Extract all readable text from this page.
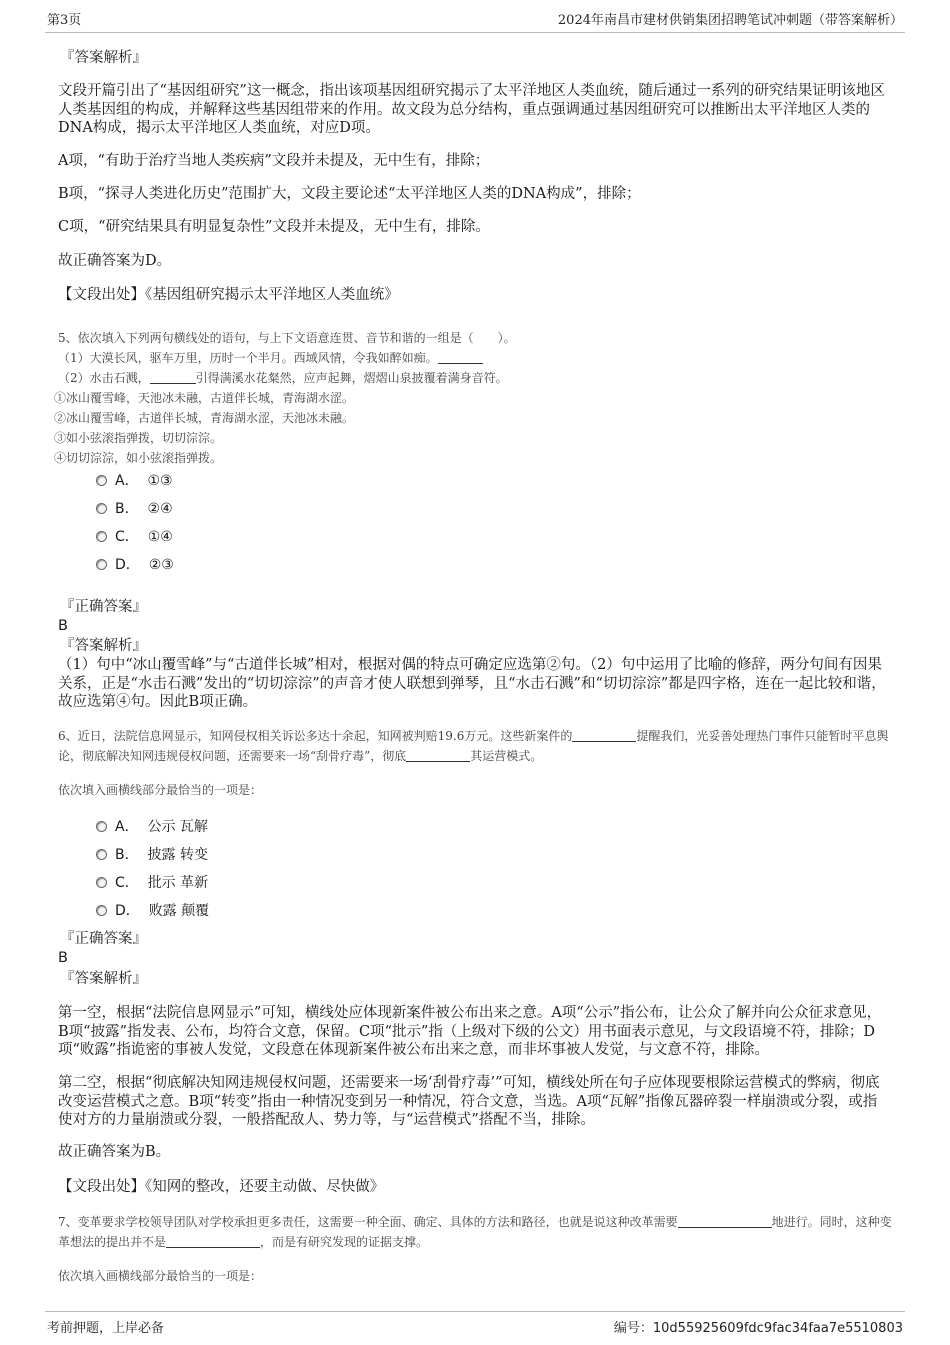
第3页	2024年南昌市建材供销集团招聘笔试冲刺题（带答案解析）

『答案解析』

文段开篇引出了“基因组研究”这一概念，指出该项基因组研究揭示了太平洋地区人类血统，随后通过一系列的研究结果证明该地区人类基因组的构成，并解释这些基因组带来的作用。故文段为总分结构，重点强调通过基因组研究可以推断出太平洋地区人类的DNA构成，揭示太平洋地区人类血统，对应D项。

A项，“有助于治疗当地人类疾病”文段并未提及，无中生有，排除；

B项，“探寻人类进化历史”范围扩大，文段主要论述“太平洋地区人类的DNA构成”，排除；

C项，“研究结果具有明显复杂性”文段并未提及，无中生有，排除。

故正确答案为D。

【文段出处】《基因组研究揭示太平洋地区人类血统》

5、依次填入下列两句横线处的语句，与上下文语意连贯、音节和谐的一组是（　　）。

（1）大漠长风，驱车万里，历时一个半月。西域风情，令我如醉如痴。

（2）水击石溅，	引得满溪水花粲然，应声起舞，熠熠山泉披覆着满身音符。

①冰山覆雪峰，天池冰未融，古道伴长城，青海湖水涩。

②冰山覆雪峰，古道伴长城，青海湖水涩，天池冰未融。

③如小弦滚指弹拨，切切淙淙。

④切切淙淙，如小弦滚指弹拨。

A． ①③
B． ②④
C． ①④
D． ②③

『正确答案』

B

『答案解析』

（1）句中“冰山覆雪峰”与“古道伴长城”相对，根据对偶的特点可确定应选第②句。（2）句中运用了比喻的修辞，两分句间有因果关系，正是“水击石溅”发出的“切切淙淙”的声音才使人联想到弹琴，且“水击石溅”和“切切淙淙”都是四字格，连在一起比较和谐，故应选第④句。因此B项正确。

6、近日，法院信息网显示，知网侵权相关诉讼多达十余起，知网被判赔19.6万元。这些新案件的	提醒我们，光妥善处理热门事件只能暂时平息舆论，彻底解决知网违规侵权问题，还需要来一场“刮骨疗毒”，彻底	其运营模式。

依次填入画横线部分最恰当的一项是：

A． 公示 瓦解
B． 披露 转变
C． 批示 革新
D． 败露 颠覆

『正确答案』

B

『答案解析』

第一空，根据“法院信息网显示”可知，横线处应体现新案件被公布出来之意。A项“公示”指公布，让公众了解并向公众征求意见，B项“披露”指发表、公布，均符合文意，保留。C项“批示”指（上级对下级的公文）用书面表示意见，与文段语境不符，排除；D项“败露”指诡密的事被人发觉，文段意在体现新案件被公布出来之意，而非坏事被人发觉，与文意不符，排除。

第二空，根据“彻底解决知网违规侵权问题，还需要来一场‘刮骨疗毒’”可知，横线处所在句子应体现要根除运营模式的弊病，彻底改变运营模式之意。B项“转变”指由一种情况变到另一种情况，符合文意，当选。A项“瓦解”指像瓦器碎裂一样崩溃或分裂，或指使对方的力量崩溃或分裂，一般搭配敌人、势力等，与“运营模式”搭配不当，排除。

故正确答案为B。

【文段出处】《知网的整改，还要主动做、尽快做》

7、变革要求学校领导团队对学校承担更多责任，这需要一种全面、确定、具体的方法和路径，也就是说这种改革需要	地进行。同时，这种变革想法的提出并不是	，而是有研究发现的证据支撑。

依次填入画横线部分最恰当的一项是：

考前押题，上岸必备	编号：10d55925609fdc9fac34faa7e5510803
